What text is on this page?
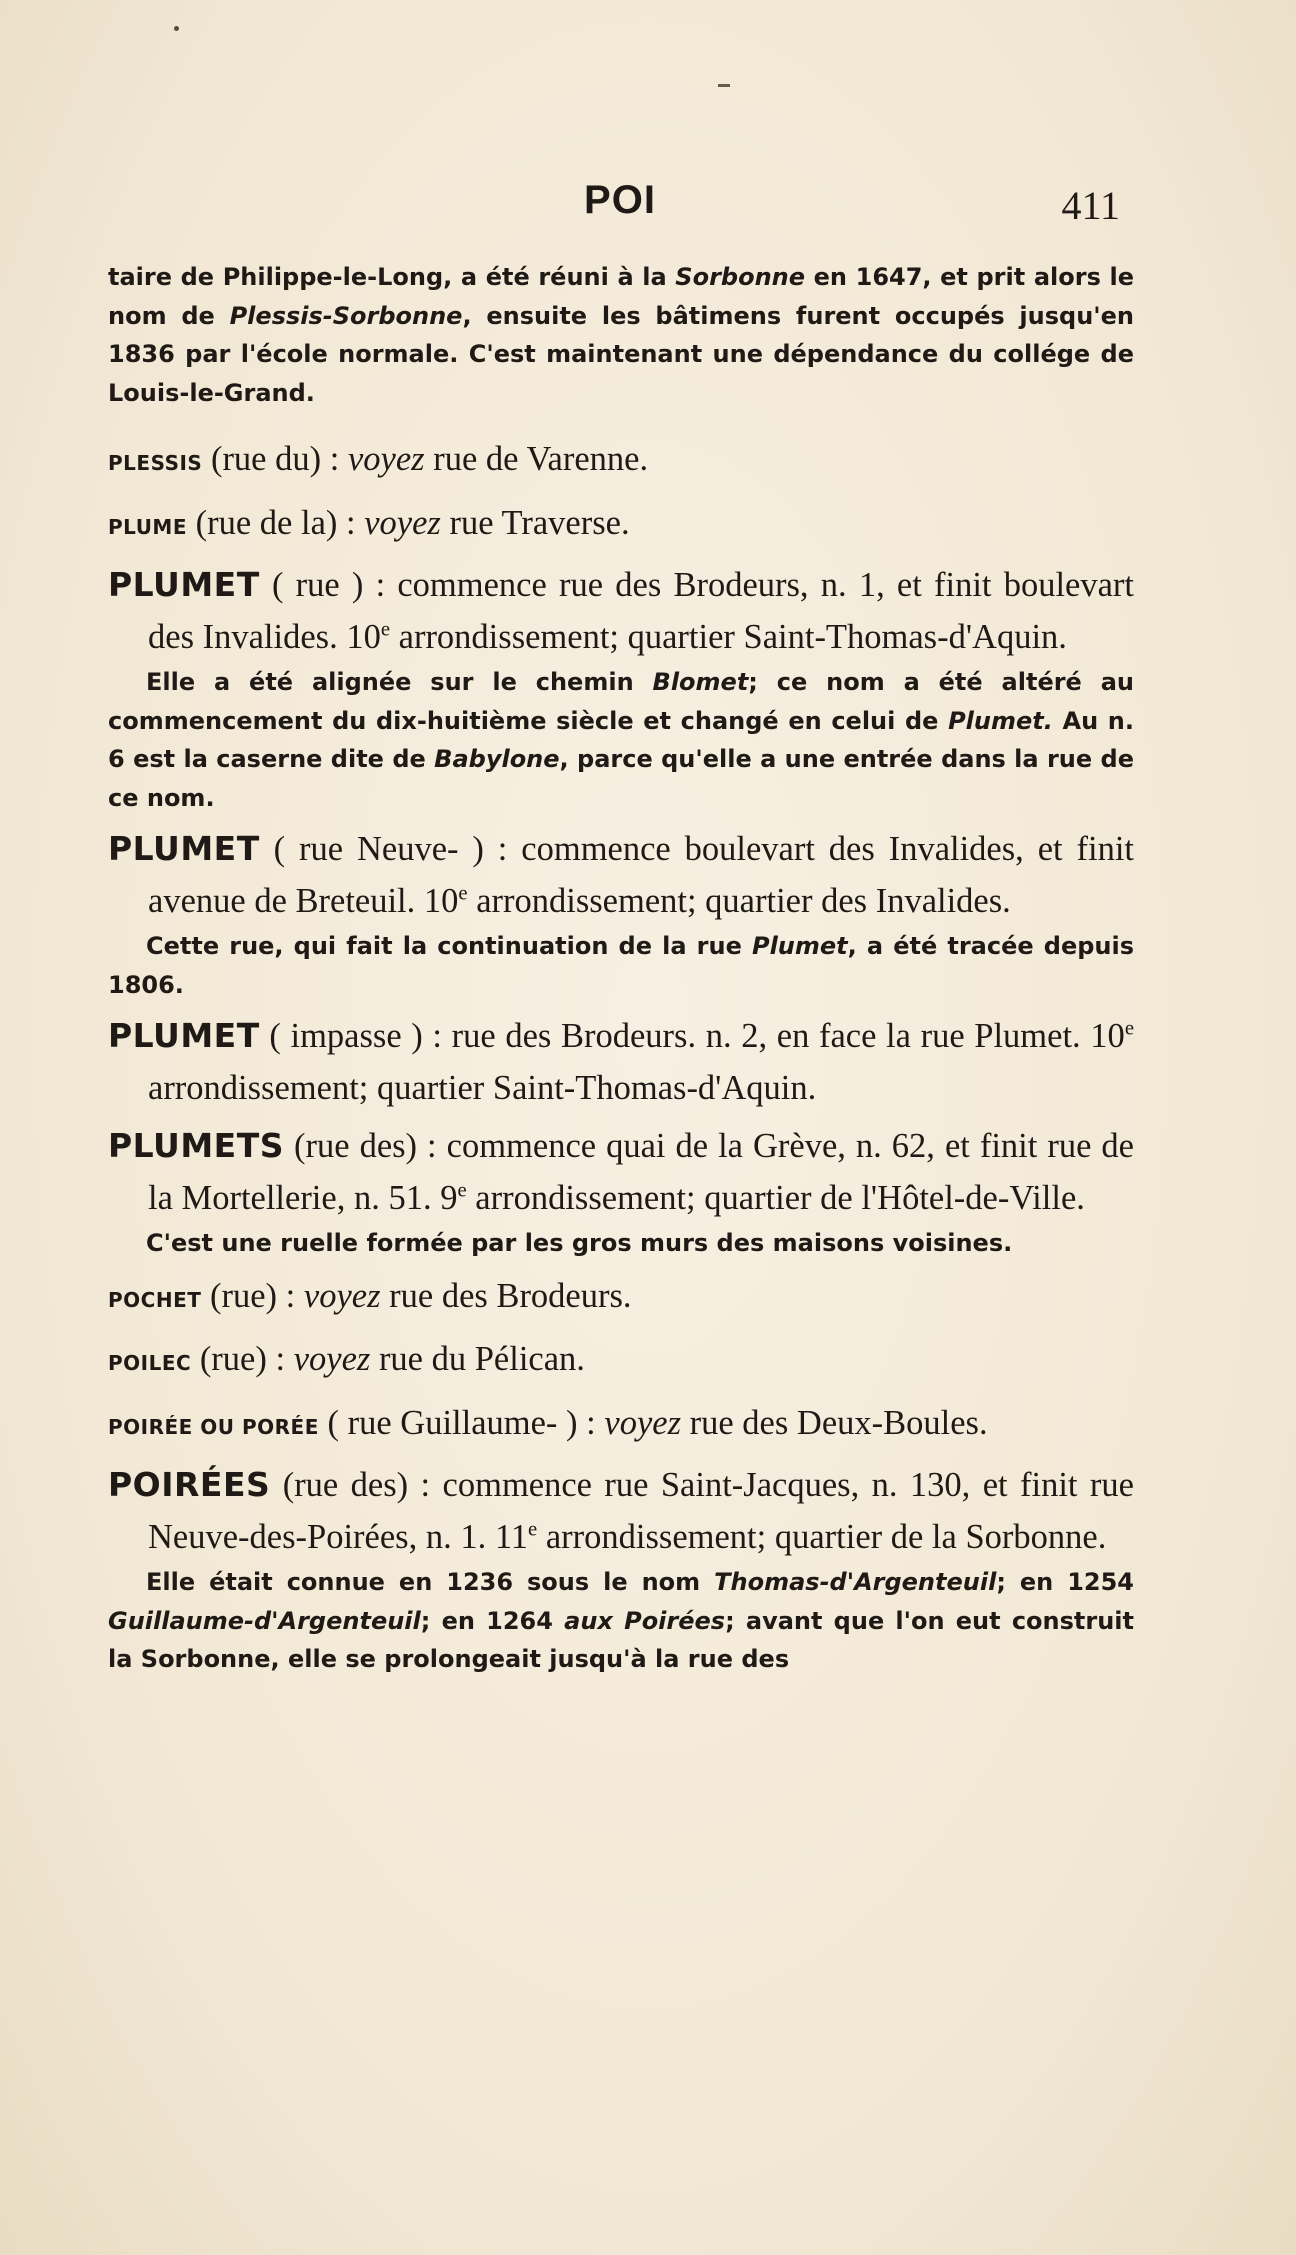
POI	411

taire de Philippe-le-Long, a été réuni à la Sorbonne en 1647, et prit alors le nom de Plessis-Sorbonne, ensuite les bâtimens furent occupés jusqu'en 1836 par l'école normale. C'est maintenant une dépendance du collége de Louis-le-Grand.

PLESSIS (rue du) : voyez rue de Varenne.

PLUME (rue de la) : voyez rue Traverse.

PLUMET ( rue ) : commence rue des Brodeurs, n. 1, et finit boulevart des Invalides. 10e arrondissement; quartier Saint-Thomas-d'Aquin.

Elle a été alignée sur le chemin Blomet; ce nom a été altéré au commencement du dix-huitième siècle et changé en celui de Plumet. Au n. 6 est la caserne dite de Babylone, parce qu'elle a une entrée dans la rue de ce nom.

PLUMET ( rue Neuve- ) : commence boulevart des Invalides, et finit avenue de Breteuil. 10e arrondissement; quartier des Invalides.

Cette rue, qui fait la continuation de la rue Plumet, a été tracée depuis 1806.

PLUMET ( impasse ) : rue des Brodeurs. n. 2, en face la rue Plumet. 10e arrondissement; quartier Saint-Thomas-d'Aquin.

PLUMETS (rue des) : commence quai de la Grève, n. 62, et finit rue de la Mortellerie, n. 51. 9e arrondissement; quartier de l'Hôtel-de-Ville.

C'est une ruelle formée par les gros murs des maisons voisines.

POCHET (rue) : voyez rue des Brodeurs.

POILEC (rue) : voyez rue du Pélican.

POIRÉE OU PORÉE ( rue Guillaume- ) : voyez rue des Deux-Boules.

POIRÉES (rue des) : commence rue Saint-Jacques, n. 130, et finit rue Neuve-des-Poirées, n. 1. 11e arrondissement; quartier de la Sorbonne.

Elle était connue en 1236 sous le nom Thomas-d'Argenteuil; en 1254 Guillaume-d'Argenteuil; en 1264 aux Poirées; avant que l'on eut construit la Sorbonne, elle se prolongeait jusqu'à la rue des
